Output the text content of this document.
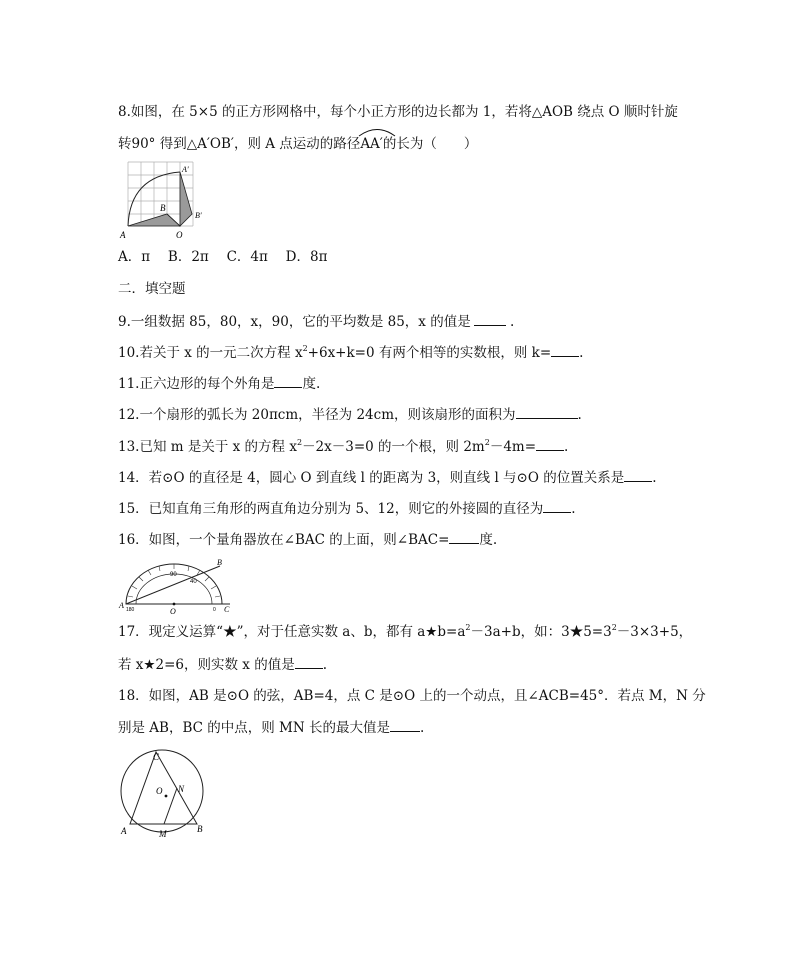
8.如图，在 5×5 的正方形网格中，每个小正方形的边长都为 1，若将△AOB 绕点 O 顺时针旋
转90° 得到△A′OB′，则 A 点运动的路径
AA′的长为（　　）
A	O
B
A′
B′
A．π　 B．2π　 C．4π　 D．8π
二．填空题
9.一组数据 85，80，x，90，它的平均数是 85，x 的值是	.
10.若关于 x 的一元二次方程 $x^2+6x+k=0$ 有两个相等的实数根，则 k= .
11.正六边形的每个外角是 度.
12.一个扇形的弧长为 20πcm，半径为 24cm，则该扇形的面积为	.
13.已知 m 是关于 x 的方程 $x^2-2x-3=0$ 的一个根，则 $2m^2-4m=$ .
14．若⊙O 的直径是 4，圆心 O 到直线 l 的距离为 3，则直线 l 与⊙O 的位置关系是 .
15．已知直角三角形的两直角边分别为 5、12，则它的外接圆的直径为 .
16．如图，一个量角器放在∠BAC 的上面，则∠BAC= 度.
A 180
90
40
0
O
B
C
17．现定义运算“★”，对于任意实数 a、b，都有 $a★b=a^2-3a+b$，如：$3★5=3^2-3\times 3+5$，
若 x★2=6，则实数 x 的值是 .
18．如图，AB 是⊙O 的弦，AB=4，点 C 是⊙O 上的一个动点，且∠ACB=45°．若点 M，N 分
别是 AB，BC 的中点，则 MN 长的最大值是 .
C
O N
A	M	B
